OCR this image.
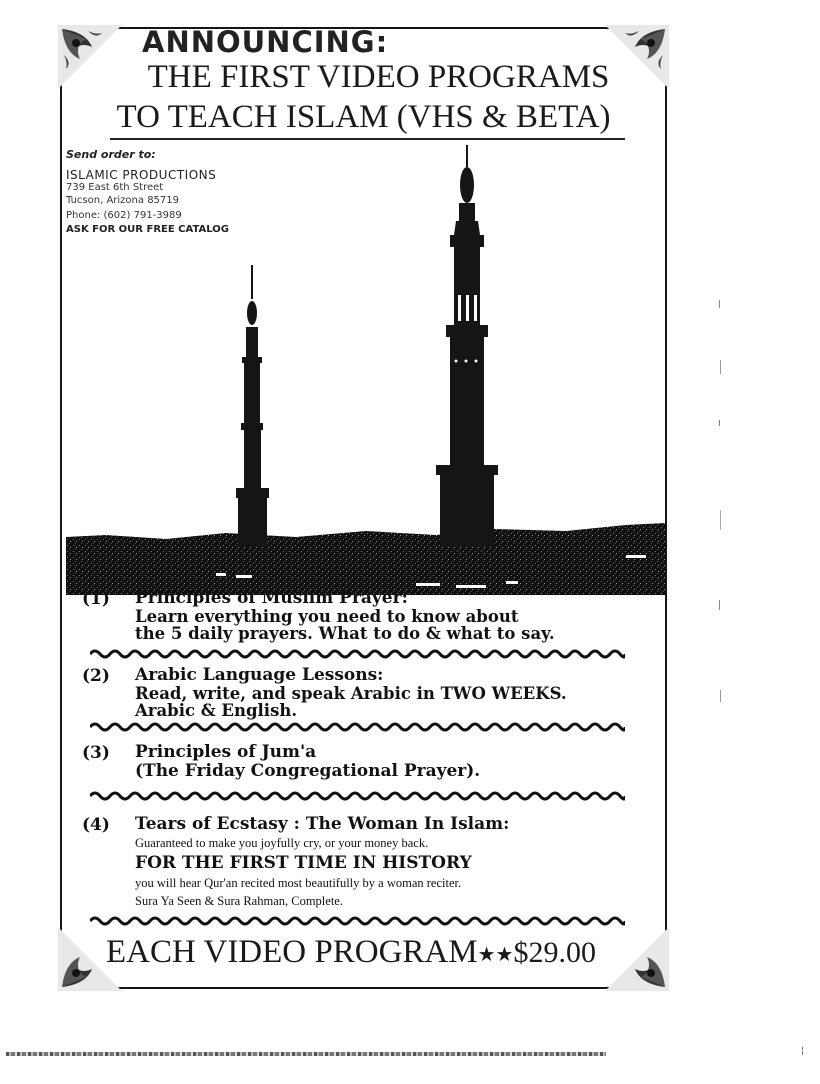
ANNOUNCING:
THE FIRST VIDEO PROGRAMS
TO TEACH ISLAM (VHS & BETA)
Send order to:
ISLAMIC PRODUCTIONS
739 East 6th Street
Tucson, Arizona 85719
Phone: (602) 791-3989
ASK FOR OUR FREE CATALOG
(1) Principles of Muslim Prayer:
Learn everything you need to know about
the 5 daily prayers. What to do & what to say.
(2) Arabic Language Lessons:
Read, write, and speak Arabic in TWO WEEKS.
Arabic & English.
(3) Principles of Jum'a
(The Friday Congregational Prayer).
(4) Tears of Ecstasy : The Woman In Islam:
Guaranteed to make you joyfully cry, or your money back.
FOR THE FIRST TIME IN HISTORY
you will hear Qur'an recited most beautifully by a woman reciter.
Sura Ya Seen & Sura Rahman, Complete.
EACH VIDEO PROGRAM★★$29.00
¦
